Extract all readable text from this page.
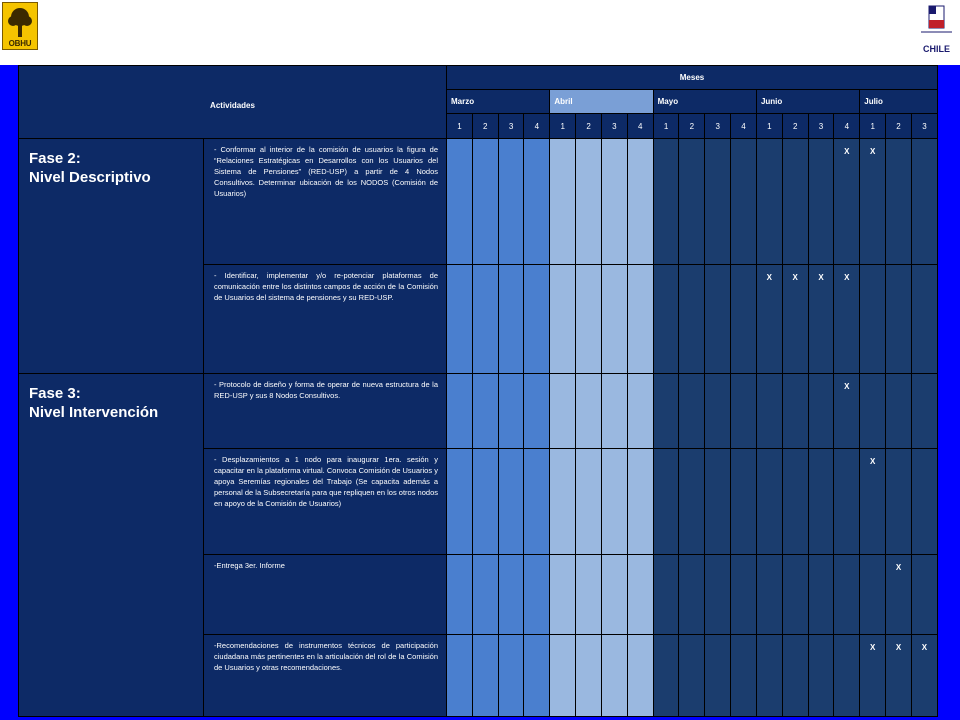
OBHU
CHILE
Actividades		Meses																		
		Marzo				Abril				Mayo				Junio				Julio		
		1	2	3	4	1	2	3	4	1	2	3	4	1	2	3	4	1	2	3

Fase 2:
Nivel Descriptivo	- Conformar al interior de la comisión de usuarios la figura de “Relaciones Estratégicas en Desarrollos con los Usuarios del Sistema de Pensiones” (RED-USP) a partir de 4 Nodos Consultivos. Determinar ubicación de los NODOS (Comisión de Usuarios)																X	X		

	- Identificar, implementar y/o re-potenciar plataformas de comunicación entre los distintos campos de acción de la Comisión de Usuarios del sistema de pensiones y su RED-USP.													X	X	X	X			

Fase 3:
Nivel Intervención	- Protocolo de diseño y forma de operar de nueva estructura de la RED-USP y sus 8 Nodos Consultivos.																X			

	- Desplazamientos a 1 nodo para inaugurar 1era. sesión y capacitar en la plataforma virtual. Convoca Comisión de Usuarios y apoya Seremías regionales del Trabajo (Se capacita además a personal de la Subsecretaría para que repliquen en los otros nodos en apoyo de la Comisión de Usuarios)																	X		

	-Entrega 3er. Informe																		X	

	-Recomendaciones de instrumentos técnicos de participación ciudadana más pertinentes en la articulación del rol de la Comisión de Usuarios y otras recomendaciones.																	X	X	X
